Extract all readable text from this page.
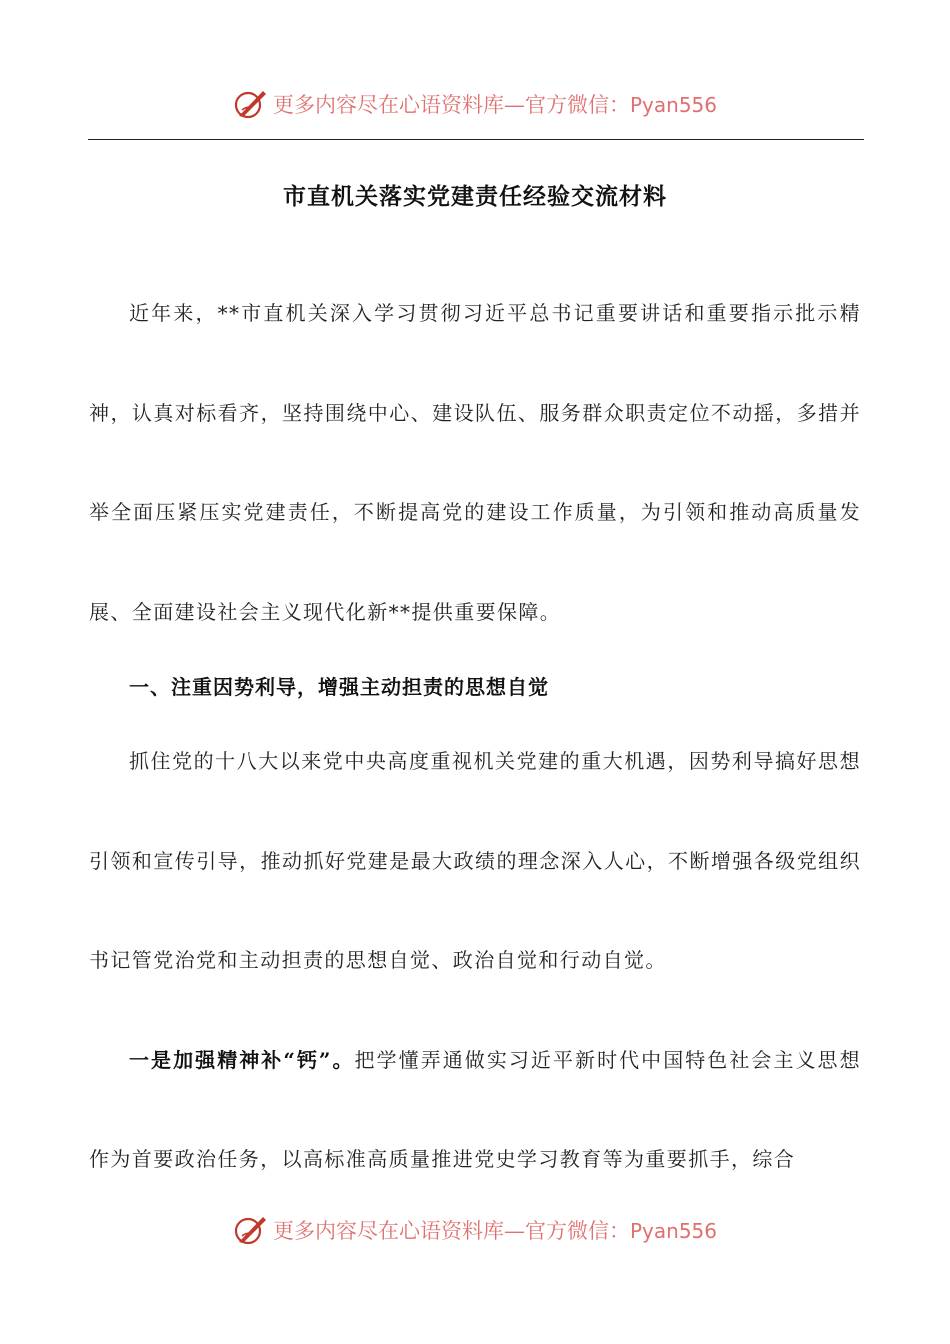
更多内容尽在心语资料库—官方微信：Pyan556
市直机关落实党建责任经验交流材料

近年来，**市直机关深入学习贯彻习近平总书记重要讲话和重要指示批示精神，认真对标看齐，坚持围绕中心、建设队伍、服务群众职责定位不动摇，多措并举全面压紧压实党建责任，不断提高党的建设工作质量，为引领和推动高质量发展、全面建设社会主义现代化新**提供重要保障。

一、注重因势利导，增强主动担责的思想自觉

抓住党的十八大以来党中央高度重视机关党建的重大机遇，因势利导搞好思想引领和宣传引导，推动抓好党建是最大政绩的理念深入人心，不断增强各级党组织书记管党治党和主动担责的思想自觉、政治自觉和行动自觉。

一是加强精神补“钙”。把学懂弄通做实习近平新时代中国特色社会主义思想作为首要政治任务，以高标准高质量推进党史学习教育等为重要抓手，综合

更多内容尽在心语资料库—官方微信：Pyan556
